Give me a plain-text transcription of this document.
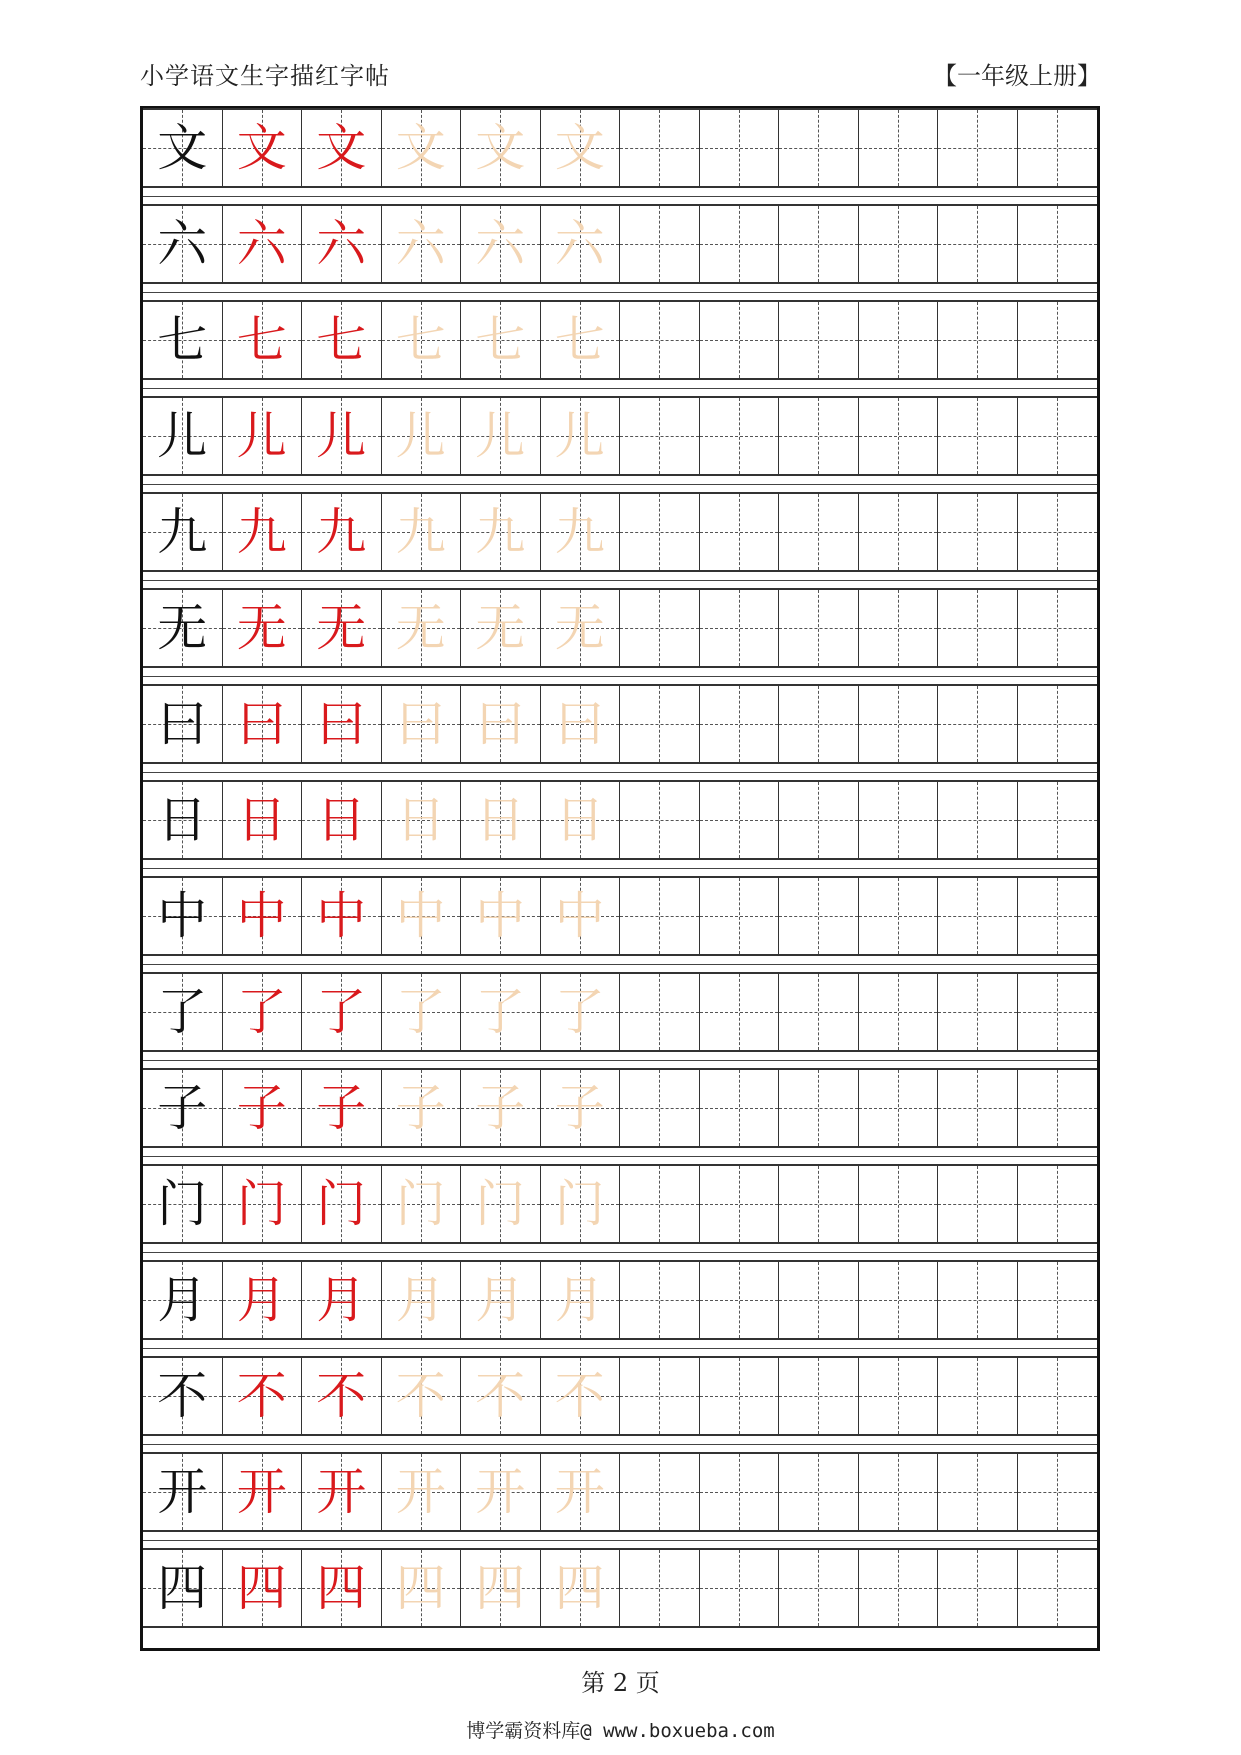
小学语文生字描红字帖	【一年级上册】
文 文 文 文 文 文
六 六 六 六 六 六
七 七 七 七 七 七
儿 儿 儿 儿 儿 儿
九 九 九 九 九 九
无 无 无 无 无 无
曰 曰 曰 曰 曰 曰
日 日 日 日 日 日
中 中 中 中 中 中
了 了 了 了 了 了
子 子 子 子 子 子
门 门 门 门 门 门
月 月 月 月 月 月
不 不 不 不 不 不
开 开 开 开 开 开
四 四 四 四 四 四
第 2 页
博学霸资料库@ www.boxueba.com
